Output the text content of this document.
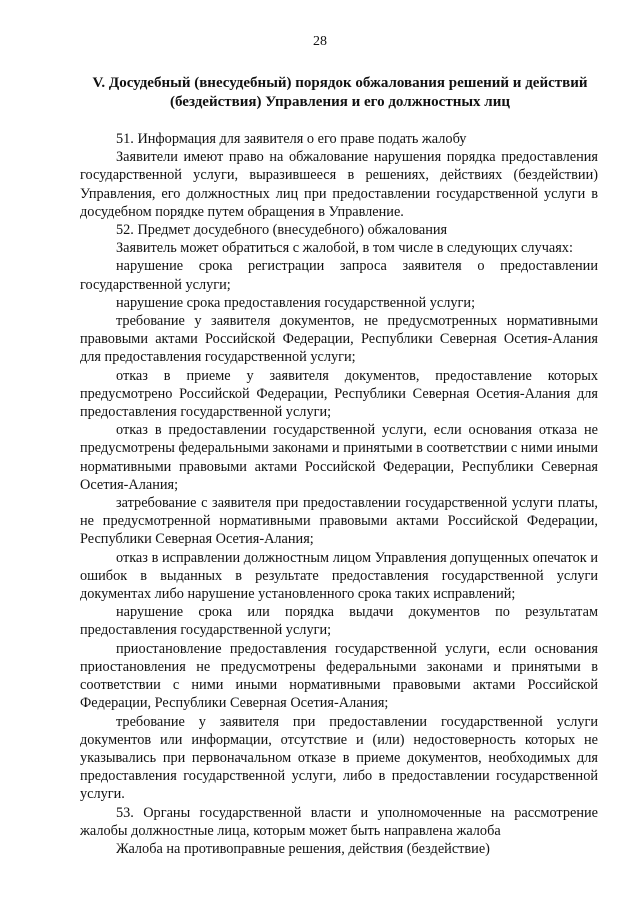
28
V. Досудебный (внесудебный) порядок обжалования решений и действий (бездействия) Управления и его должностных лиц

51. Информация для заявителя о его праве подать жалобу

Заявители имеют право на обжалование нарушения порядка предоставления государственной услуги, выразившееся в решениях, действиях (бездействии) Управления, его должностных лиц при предоставлении государственной услуги в досудебном порядке путем обращения в Управление.

52. Предмет досудебного (внесудебного) обжалования

Заявитель может обратиться с жалобой, в том числе в следующих случаях:

нарушение срока регистрации запроса заявителя о предоставлении государственной услуги;

нарушение срока предоставления государственной услуги;

требование у заявителя документов, не предусмотренных нормативными правовыми актами Российской Федерации, Республики Северная Осетия-Алания для предоставления государственной услуги;

отказ в приеме у заявителя документов, предоставление которых предусмотрено Российской Федерации, Республики Северная Осетия-Алания для предоставления государственной услуги;

отказ в предоставлении государственной услуги, если основания отказа не предусмотрены федеральными законами и принятыми в соответствии с ними иными нормативными правовыми актами Российской Федерации, Республики Северная Осетия-Алания;

затребование с заявителя при предоставлении государственной услуги платы, не предусмотренной нормативными правовыми актами Российской Федерации, Республики Северная Осетия-Алания;

отказ в исправлении должностным лицом Управления допущенных опечаток и ошибок в выданных в результате предоставления государственной услуги документах либо нарушение установленного срока таких исправлений;

нарушение срока или порядка выдачи документов по результатам предоставления государственной услуги;

приостановление предоставления государственной услуги, если основания приостановления не предусмотрены федеральными законами и принятыми в соответствии с ними иными нормативными правовыми актами Российской Федерации, Республики Северная Осетия-Алания;

требование у заявителя при предоставлении государственной услуги документов или информации, отсутствие и (или) недостоверность которых не указывались при первоначальном отказе в приеме документов, необходимых для предоставления государственной услуги, либо в предоставлении государственной услуги.

53. Органы государственной власти и уполномоченные на рассмотрение жалобы должностные лица, которым может быть направлена жалоба

Жалоба на противоправные решения, действия (бездействие)
